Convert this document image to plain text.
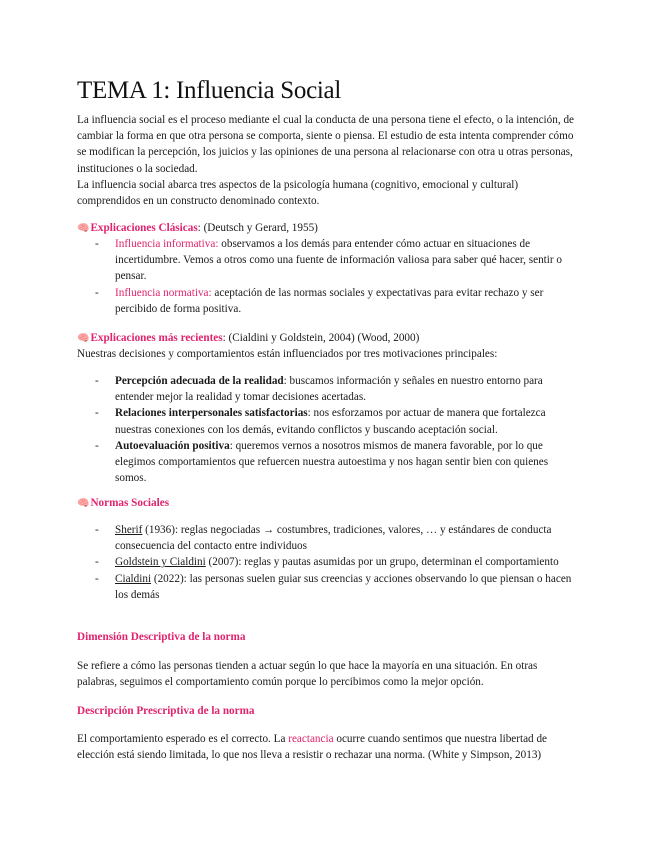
TEMA 1: Influencia Social

La influencia social es el proceso mediante el cual la conducta de una persona tiene el efecto, o la intención, de cambiar la forma en que otra persona se comporta, siente o piensa. El estudio de esta intenta comprender cómo se modifican la percepción, los juicios y las opiniones de una persona al relacionarse con otra u otras personas, instituciones o la sociedad.

La influencia social abarca tres aspectos de la psicología humana (cognitivo, emocional y cultural) comprendidos en un constructo denominado contexto.

🧠Explicaciones Clásicas: (Deutsch y Gerard, 1955)

- Influencia informativa: observamos a los demás para entender cómo actuar en situaciones de incertidumbre. Vemos a otros como una fuente de información valiosa para saber qué hacer, sentir o pensar.
- Influencia normativa: aceptación de las normas sociales y expectativas para evitar rechazo y ser percibido de forma positiva.

🧠Explicaciones más recientes: (Cialdini y Goldstein, 2004) (Wood, 2000)

Nuestras decisiones y comportamientos están influenciados por tres motivaciones principales:

- Percepción adecuada de la realidad: buscamos información y señales en nuestro entorno para entender mejor la realidad y tomar decisiones acertadas.
- Relaciones interpersonales satisfactorias: nos esforzamos por actuar de manera que fortalezca nuestras conexiones con los demás, evitando conflictos y buscando aceptación social.
- Autoevaluación positiva: queremos vernos a nosotros mismos de manera favorable, por lo que elegimos comportamientos que refuercen nuestra autoestima y nos hagan sentir bien con quienes somos.

🧠Normas Sociales

- Sherif (1936): reglas negociadas → costumbres, tradiciones, valores, … y estándares de conducta consecuencia del contacto entre individuos
- Goldstein y Cialdini (2007): reglas y pautas asumidas por un grupo, determinan el comportamiento
- Cialdini (2022): las personas suelen guiar sus creencias y acciones observando lo que piensan o hacen los demás

Dimensión Descriptiva de la norma

Se refiere a cómo las personas tienden a actuar según lo que hace la mayoría en una situación. En otras palabras, seguimos el comportamiento común porque lo percibimos como la mejor opción.

Descripción Prescriptiva de la norma

El comportamiento esperado es el correcto. La reactancia ocurre cuando sentimos que nuestra libertad de elección está siendo limitada, lo que nos lleva a resistir o rechazar una norma. (White y Simpson, 2013)
